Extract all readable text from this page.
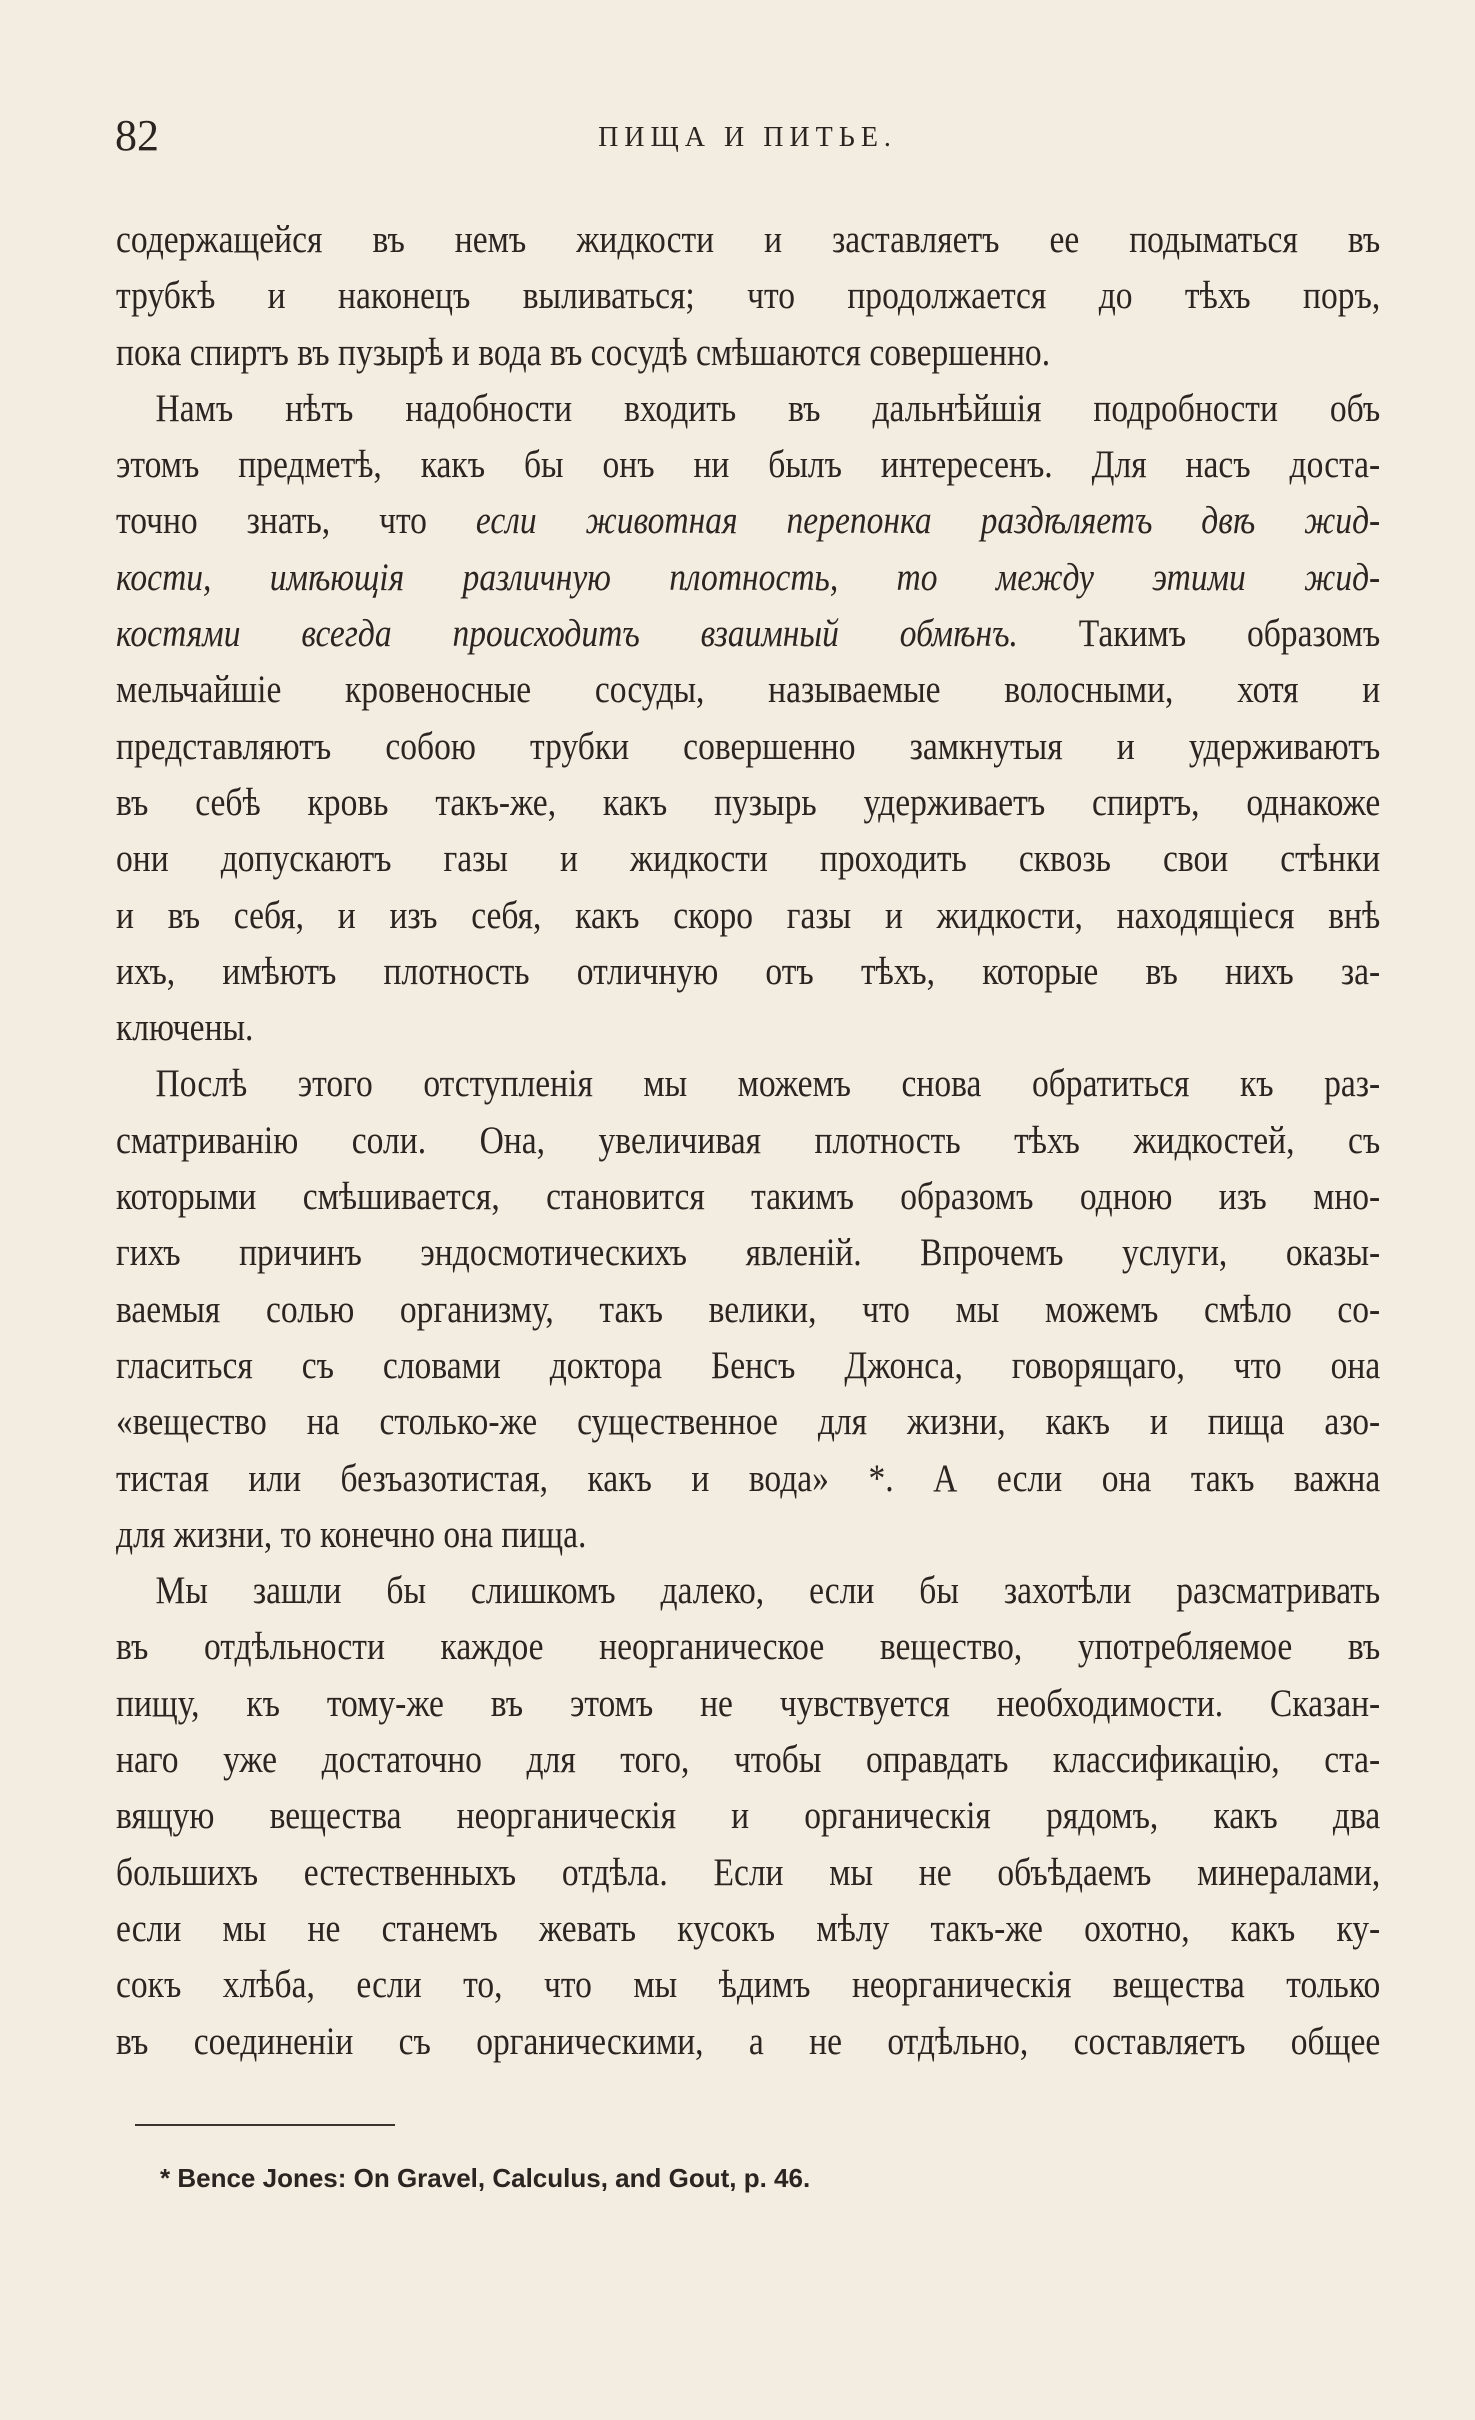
82	ПИЩА И ПИТЬЕ.
содержащейся въ немъ жидкости и заставляетъ ее подыматься въ
трубкѣ и наконецъ выливаться; что продолжается до тѣхъ поръ,
пока спиртъ въ пузырѣ и вода въ сосудѣ смѣшаются совершенно.
Намъ нѣтъ надобности входить въ дальнѣйшія подробности объ
этомъ предметѣ, какъ бы онъ ни былъ интересенъ. Для насъ доста-
точно знать, что если животная перепонка раздѣляетъ двѣ жид-
кости, имѣющія различную плотность, то между этими жид-
костями всегда происходитъ взаимный обмѣнъ. Такимъ образомъ
мельчайшіе кровеносные сосуды, называемые волосными, хотя и
представляютъ собою трубки совершенно замкнутыя и удерживаютъ
въ себѣ кровь такъ-же, какъ пузырь удерживаетъ спиртъ, однакоже
они допускаютъ газы и жидкости проходить сквозь свои стѣнки
и въ себя, и изъ себя, какъ скоро газы и жидкости, находящіеся внѣ
ихъ, имѣютъ плотность отличную отъ тѣхъ, которые въ нихъ за-
ключены.
Послѣ этого отступленія мы можемъ снова обратиться къ раз-
сматриванію соли. Она, увеличивая плотность тѣхъ жидкостей, съ
которыми смѣшивается, становится такимъ образомъ одною изъ мно-
гихъ причинъ эндосмотическихъ явленій. Впрочемъ услуги, оказы-
ваемыя солью организму, такъ велики, что мы можемъ смѣло со-
гласиться съ словами доктора Бенсъ Джонса, говорящаго, что она
«вещество на столько-же существенное для жизни, какъ и пища азо-
тистая или безъазотистая, какъ и вода» *. А если она такъ важна
для жизни, то конечно она пища.
Мы зашли бы слишкомъ далеко, если бы захотѣли разсматривать
въ отдѣльности каждое неорганическое вещество, употребляемое въ
пищу, къ тому-же въ этомъ не чувствуется необходимости. Сказан-
наго уже достаточно для того, чтобы оправдать классификацію, ста-
вящую вещества неорганическія и органическія рядомъ, какъ два
большихъ естественныхъ отдѣла. Если мы не объѣдаемъ минералами,
если мы не станемъ жевать кусокъ мѣлу такъ-же охотно, какъ ку-
сокъ хлѣба, если то, что мы ѣдимъ неорганическія вещества только
въ соединеніи съ органическими, а не отдѣльно, составляетъ общее
* Bence Jones: On Gravel, Calculus, and Gout, p. 46.
